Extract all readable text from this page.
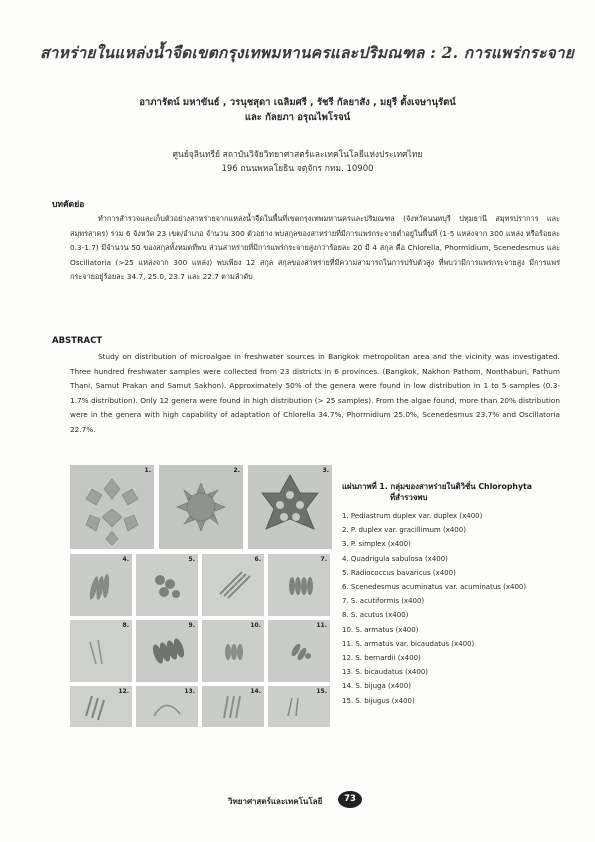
สาหร่ายในแหล่งน้ำจืดเขตกรุงเทพมหานครและปริมณฑล : 2. การแพร่กระจาย
อาภารัตน์ มหาขันธ์ , วรนุชสุดา เฉลิมศรี , รัชรี กัลยาสัง , มยุรี ตั้งเจษานุรัตน์
และ กัลยภา อรุณไพโรจน์
ศูนย์จุลินทรีย์ สถาบันวิจัยวิทยาศาสตร์และเทคโนโลยีแห่งประเทศไทย
196 ถนนพหลโยธิน จตุจักร กทม. 10900
บทคัดย่อ

ทำการสำรวจและเก็บตัวอย่างสาหร่ายจากแหล่งน้ำจืดในพื้นที่เขตกรุงเทพมหานครและปริมณฑล (จังหวัดนนทบุรี ปทุมธานี สมุทรปราการ และสมุทรสาคร) รวม 6 จังหวัด 23 เขต/อำเภอ จำนวน 300 ตัวอย่าง พบสกุลของสาหร่ายที่มีการแพร่กระจายต่ำอยู่ในพื้นที่ (1-5 แหล่งจาก 300 แหล่ง หรือร้อยละ 0.3-1.7) มีจำนวน 50 ของสกุลทั้งหมดที่พบ ส่วนสาหร่ายที่มีการแพร่กระจายสูงกว่าร้อยละ 20 มี 4 สกุล คือ Chlorella, Phormidium, Scenedesmus และ Oscillatoria (>25 แหล่งจาก 300 แหล่ง) พบเพียง 12 สกุล สกุลของสาหร่ายที่มีความสามารถในการปรับตัวสูง ที่พบว่ามีการแพร่กระจายสูง มีการแพร่กระจายอยู่ร้อยละ 34.7, 25.0, 23.7 และ 22.7 ตามลำดับ

ABSTRACT

Study on distribution of microalgae in freshwater sources in Bangkok metropolitan area and the vicinity was investigated. Three hundred freshwater samples were collected from 23 districts in 6 provinces. (Bangkok, Nakhon Pathom, Nonthaburi, Pathum Thani, Samut Prakan and Samut Sakhon). Approximately 50% of the genera were found in low distribution in 1 to 5 samples (0.3-1.7% distribution). Only 12 genera were found in high distribution (> 25 samples). From the algae found, more than 20% distribution were in the genera with high capability of adaptation of Chlorella 34.7%, Phormidium 25.0%, Scenedesmus 23.7% and Oscillatoria 22.7%.

1.	2.	3.
4.	5.	6.	7.
8.	9.	10.	11.
12.	13.	14.	15.
แผ่นภาพที่ 1. กลุ่มของสาหร่ายในดิวิชั่น Chlorophyta
ที่สำรวจพบ
1. Pediastrum duplex var. duplex (x400)
2. P. duplex var. gracillimum (x400)
3. P. simplex (x400)
4. Quadrigula sabulosa (x400)
5. Radiococcus bavaricus (x400)
6. Scenedesmus acuminatus var. acuminatus (x400)
7. S. acutiformis (x400)
8. S. acutus (x400)
10. S. armatus (x400)
11. S. armatus var. bicaudatus (x400)
12. S. bernardii (x400)
13. S. bicaudatus (x400)
14. S. bijuga (x400)
15. S. bijugus (x400)
วิทยาศาสตร์และเทคโนโลยี	73
